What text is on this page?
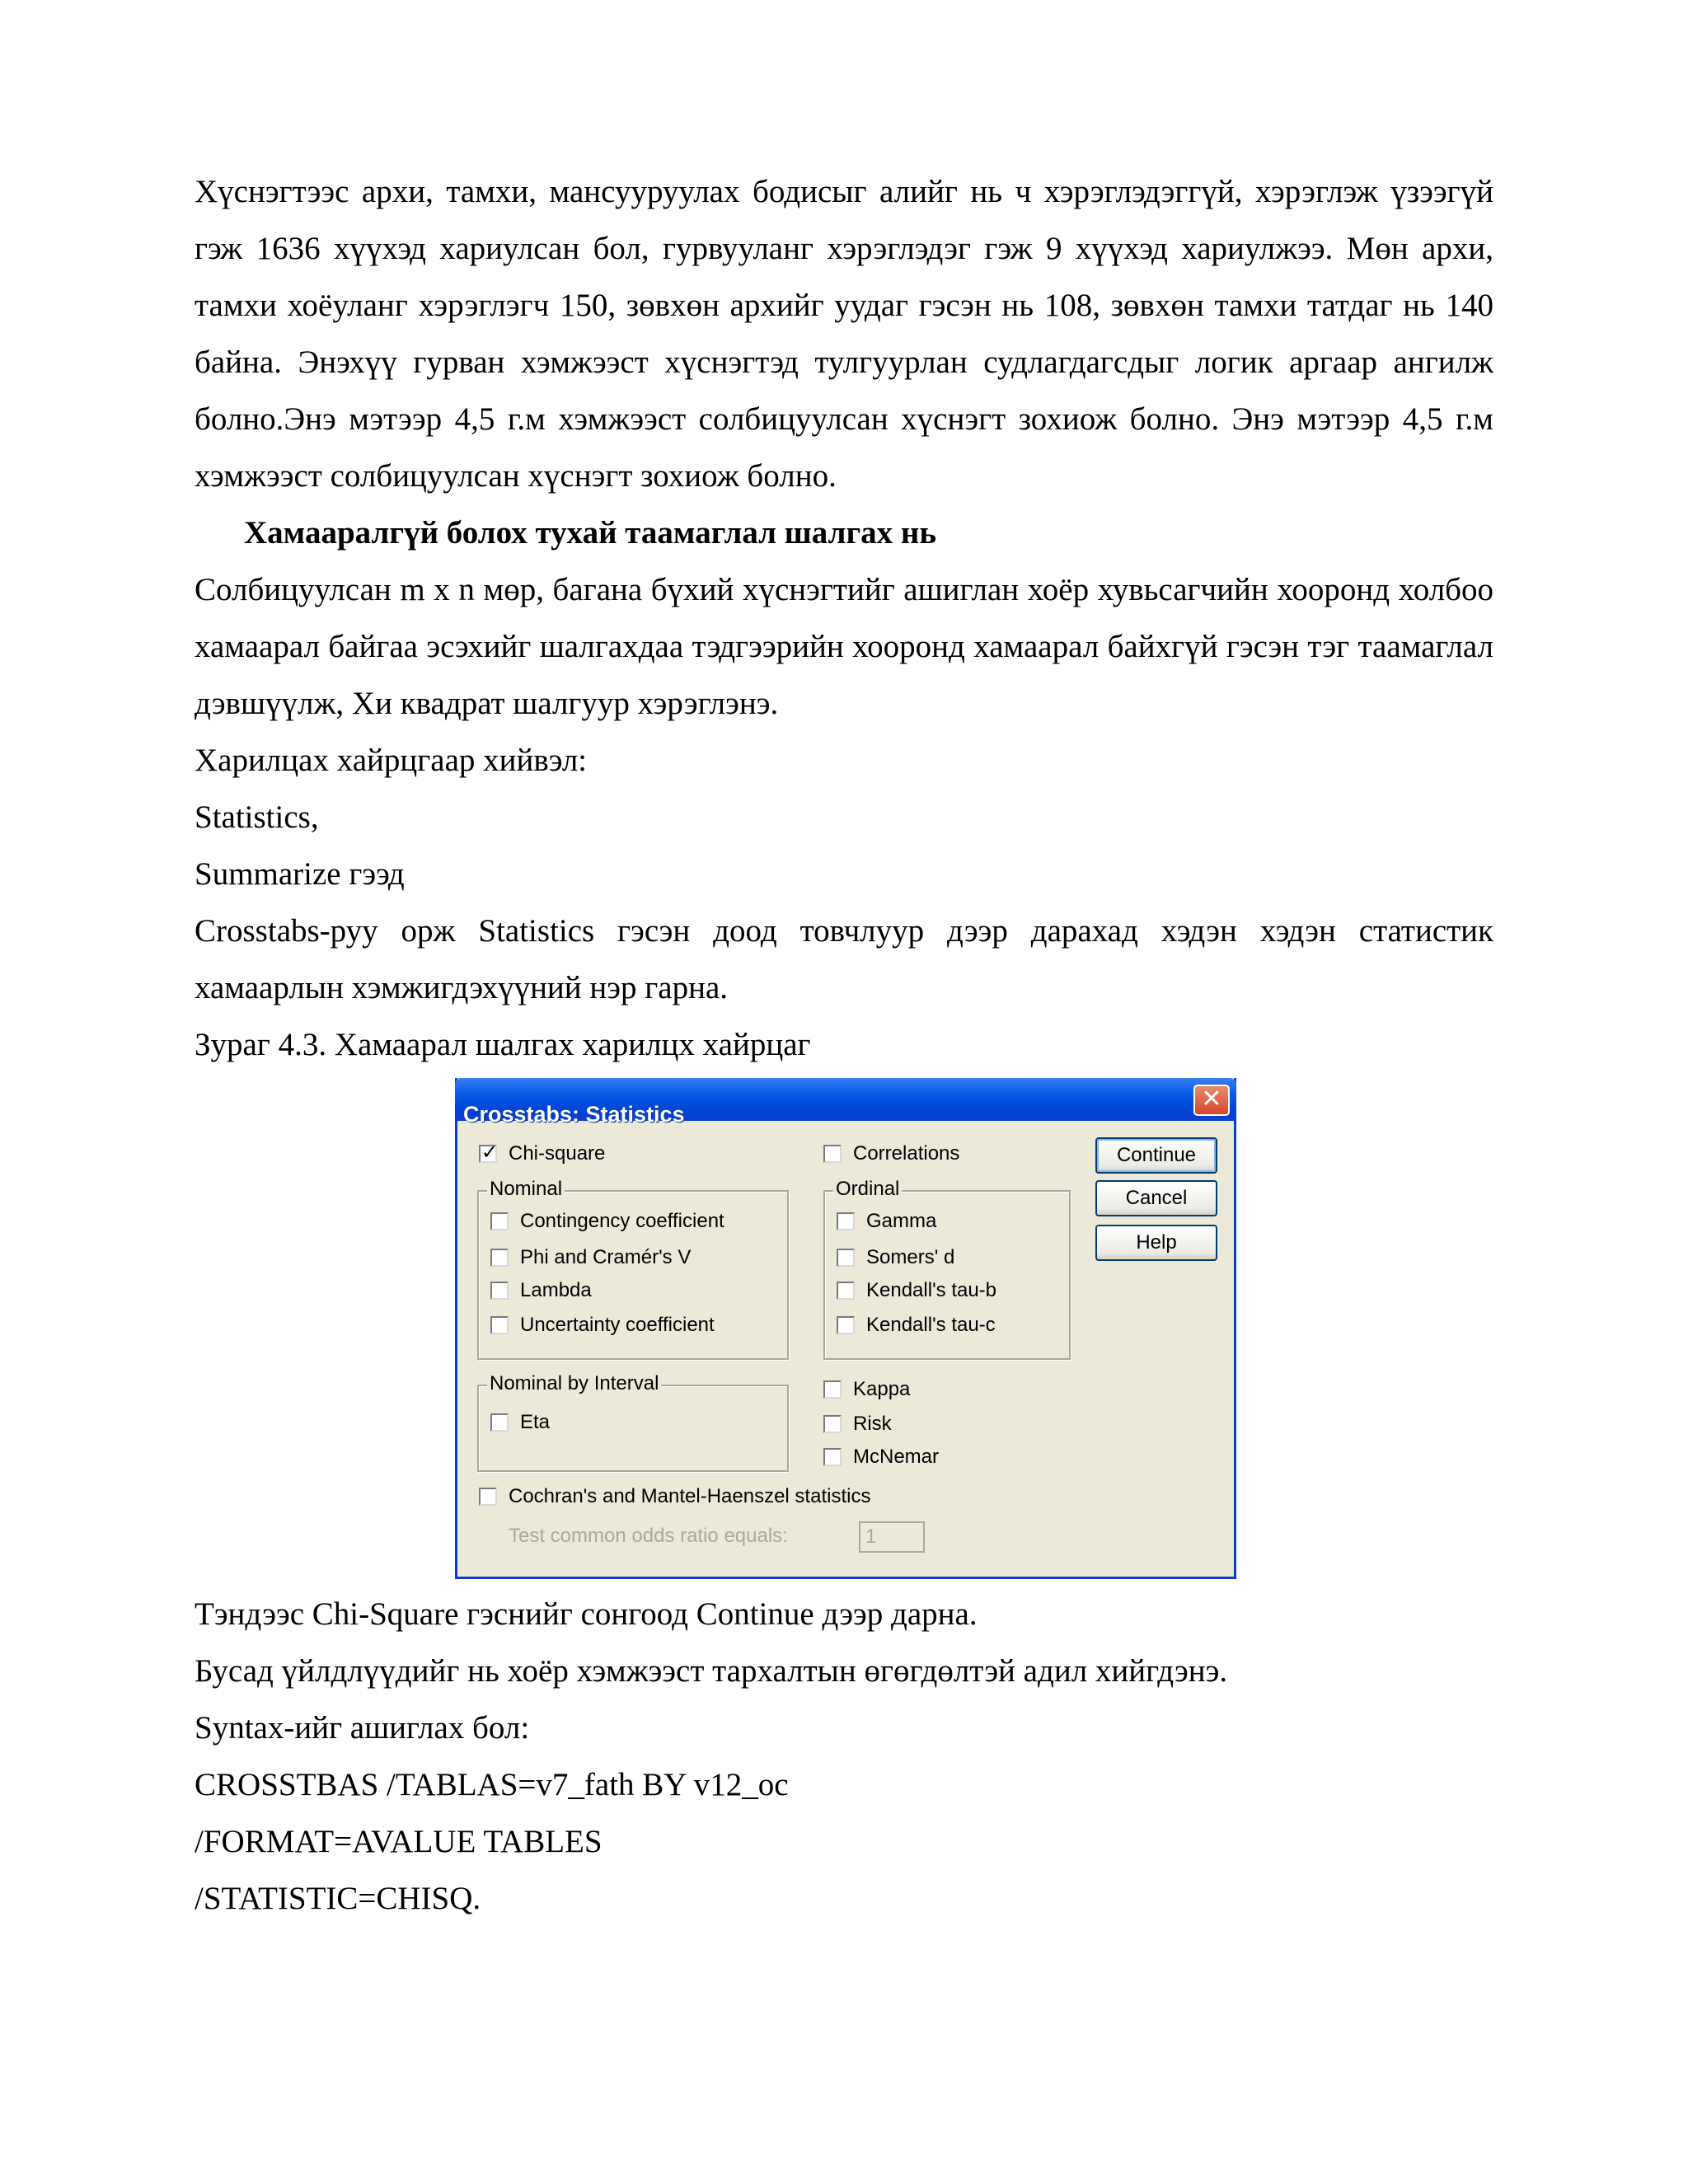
Хүснэгтээс архи, тамхи, мансууруулах бодисыг алийг нь ч хэрэглэдэггүй, хэрэглэж үзээгүй гэж 1636 хүүхэд хариулсан бол, гурвууланг хэрэглэдэг гэж 9 хүүхэд хариулжээ. Мөн архи, тамхи хоёуланг хэрэглэгч 150, зөвхөн архийг уудаг гэсэн нь 108, зөвхөн тамхи татдаг нь 140 байна. Энэхүү гурван хэмжээст хүснэгтэд тулгуурлан судлагдагсдыг логик аргаар ангилж болно.Энэ мэтээр 4,5 г.м хэмжээст солбицуулсан хүснэгт зохиож болно. Энэ мэтээр 4,5 г.м хэмжээст солбицуулсан хүснэгт зохиож болно.

Хамааралгүй болох тухай таамаглал шалгах нь

Солбицуулсан m x n мөр, багана бүхий хүснэгтийг ашиглан хоёр хувьсагчийн хооронд холбоо хамаарал байгаа эсэхийг шалгахдаа тэдгээрийн хооронд хамаарал байхгүй гэсэн тэг таамаглал дэвшүүлж, Хи квадрат шалгуур хэрэглэнэ.

Харилцах хайрцгаар хийвэл:

Statistics,

Summarize гээд

Crosstabs-руу орж Statistics гэсэн доод товчлуур дээр дарахад хэдэн хэдэн статистик хамаарлын хэмжигдэхүүний нэр гарна.

Зураг 4.3. Хамаарал шалгах харилцх хайрцаг

Crosstabs: Statistics
✕
✓ Chi-square	Correlations
Nominal
Contingency coefficient
Phi and Cramér's V
Lambda
Uncertainty coefficient
Ordinal
Gamma
Somers' d
Kendall's tau-b
Kendall's tau-c
Continue
Cancel
Help
Nominal by Interval
Eta
Kappa
Risk
McNemar
Cochran's and Mantel-Haenszel statistics
Test common odds ratio equals:	1

Тэндээс Chi-Square гэснийг сонгоод Continue дээр дарна.

Бусад үйлдлүүдийг нь хоёр хэмжээст тархалтын өгөгдөлтэй адил хийгдэнэ.

Syntax-ийг ашиглах бол:

CROSSTBAS /TABLAS=v7_fath BY v12_oc

/FORMAT=AVALUE TABLES

/STATISTIC=CHISQ.
